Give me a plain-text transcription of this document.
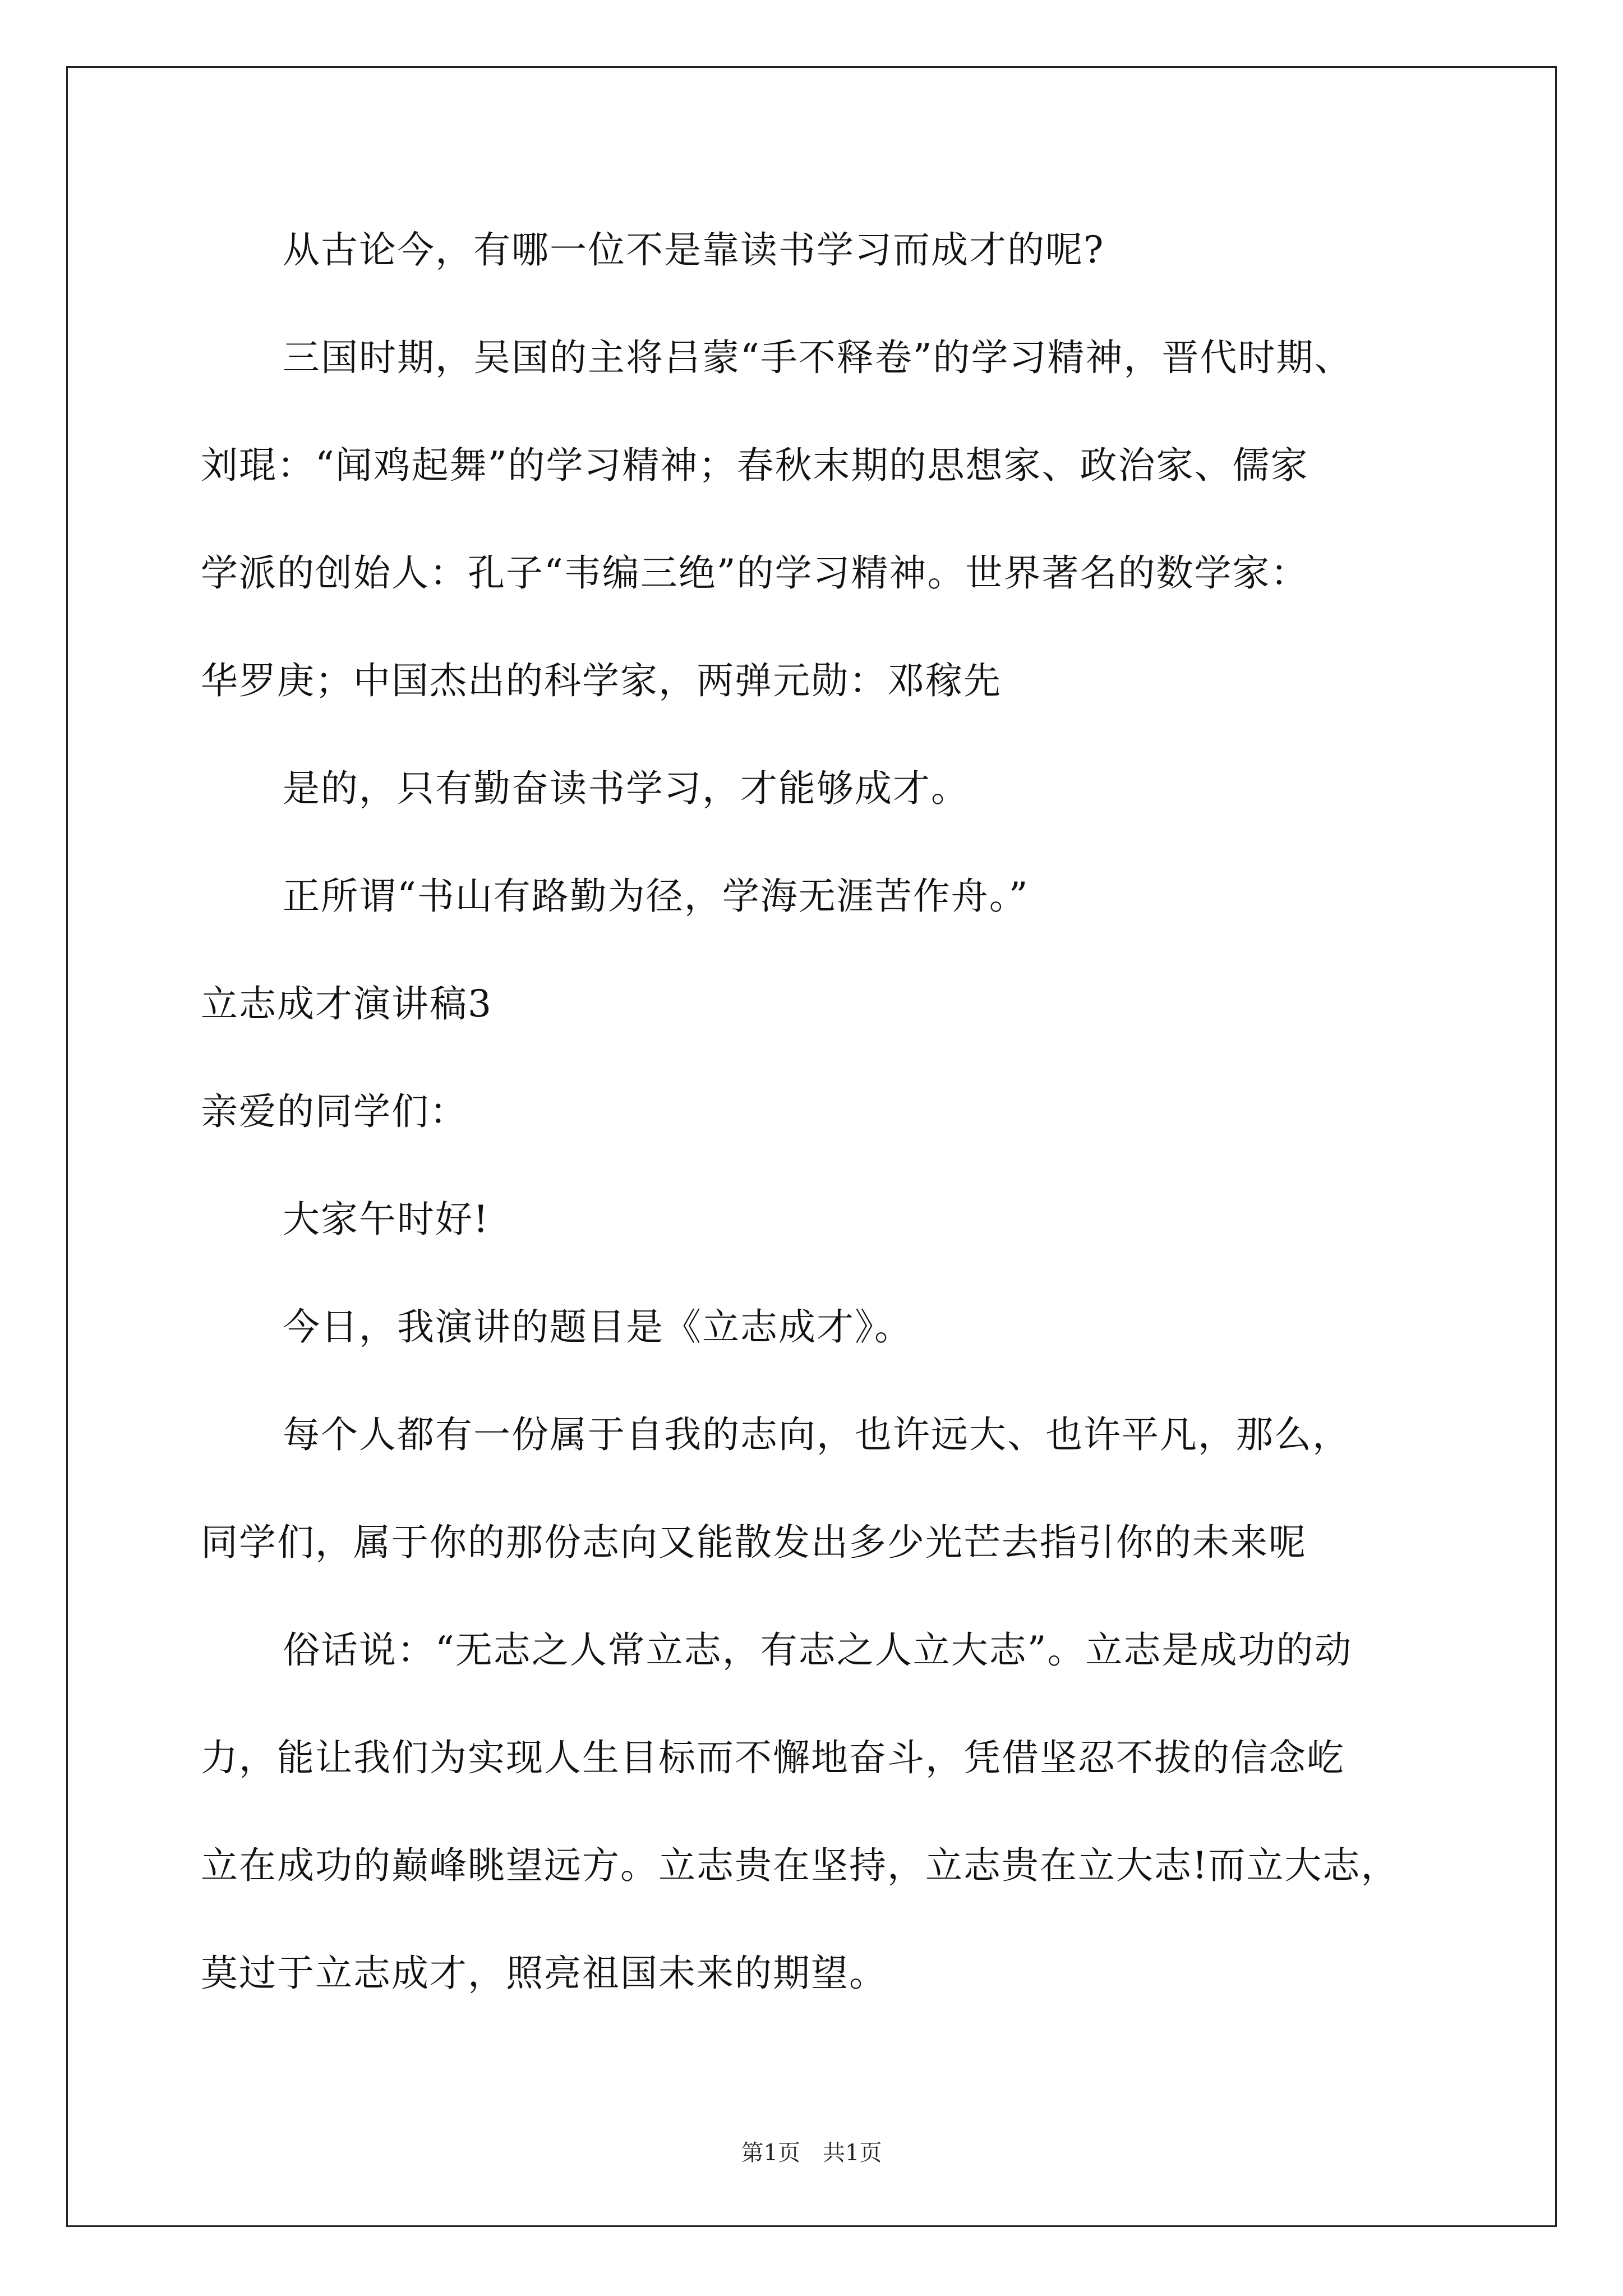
从古论今，有哪一位不是靠读书学习而成才的呢?
三国时期，吴国的主将吕蒙“手不释卷”的学习精神，晋代时期、
刘琨：“闻鸡起舞”的学习精神；春秋末期的思想家、政治家、儒家
学派的创始人：孔子“韦编三绝”的学习精神。世界著名的数学家：
华罗庚；中国杰出的科学家，两弹元勋：邓稼先
是的，只有勤奋读书学习，才能够成才。
正所谓“书山有路勤为径，学海无涯苦作舟。”
立志成才演讲稿3
亲爱的同学们：
大家午时好!
今日，我演讲的题目是《立志成才》。
每个人都有一份属于自我的志向，也许远大、也许平凡，那么，
同学们，属于你的那份志向又能散发出多少光芒去指引你的未来呢
俗话说：“无志之人常立志，有志之人立大志”。立志是成功的动
力，能让我们为实现人生目标而不懈地奋斗，凭借坚忍不拔的信念屹
立在成功的巅峰眺望远方。立志贵在坚持，立志贵在立大志!而立大志，
莫过于立志成才，照亮祖国未来的期望。
第1页 共1页
